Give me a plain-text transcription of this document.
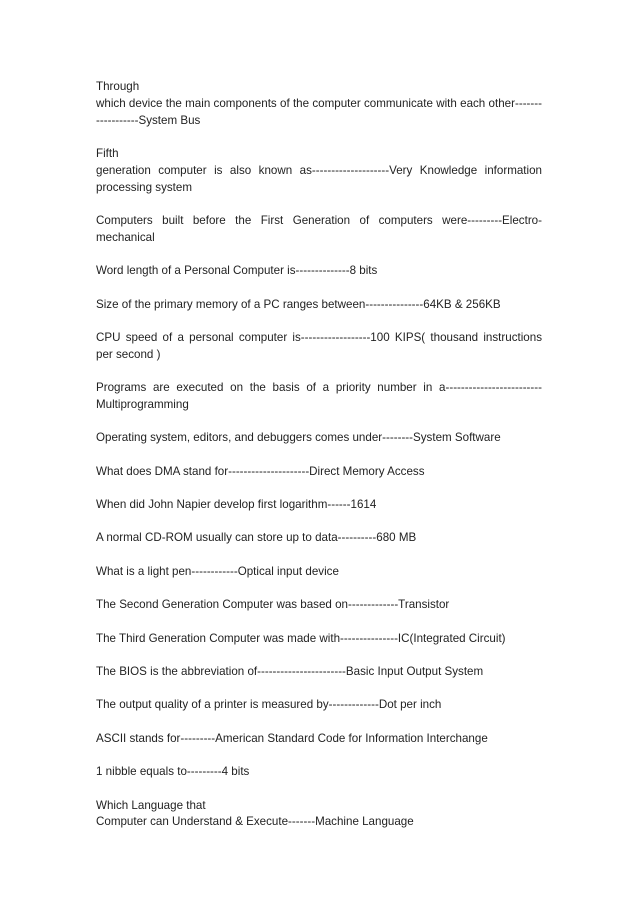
Through
which device the main components of the computer communicate with each other------------------System Bus
Fifth
generation computer is also known as--------------------Very Knowledge information processing system
Computers built before the First Generation of computers were---------Electro-mechanical
Word length of a Personal Computer is--------------8 bits
Size of the primary memory of a PC ranges between---------------64KB & 256KB
CPU speed of a personal computer is------------------100 KIPS( thousand instructions per second )
Programs are executed on the basis of a priority number in a-------------------------Multiprogramming
Operating system, editors, and debuggers comes under--------System Software
What does DMA stand for---------------------Direct Memory Access
When did John Napier develop first logarithm------1614
A normal CD-ROM usually can store up to data----------680 MB
What is a light pen------------Optical input device
The Second Generation Computer was based on-------------Transistor
The Third Generation Computer was made with---------------IC(Integrated Circuit)
The BIOS is the abbreviation of-----------------------Basic Input Output System
The output quality of a printer is measured by-------------Dot per inch
ASCII stands for---------American Standard Code for Information Interchange
1 nibble equals to---------4 bits
Which Language that
Computer can Understand & Execute-------Machine Language
